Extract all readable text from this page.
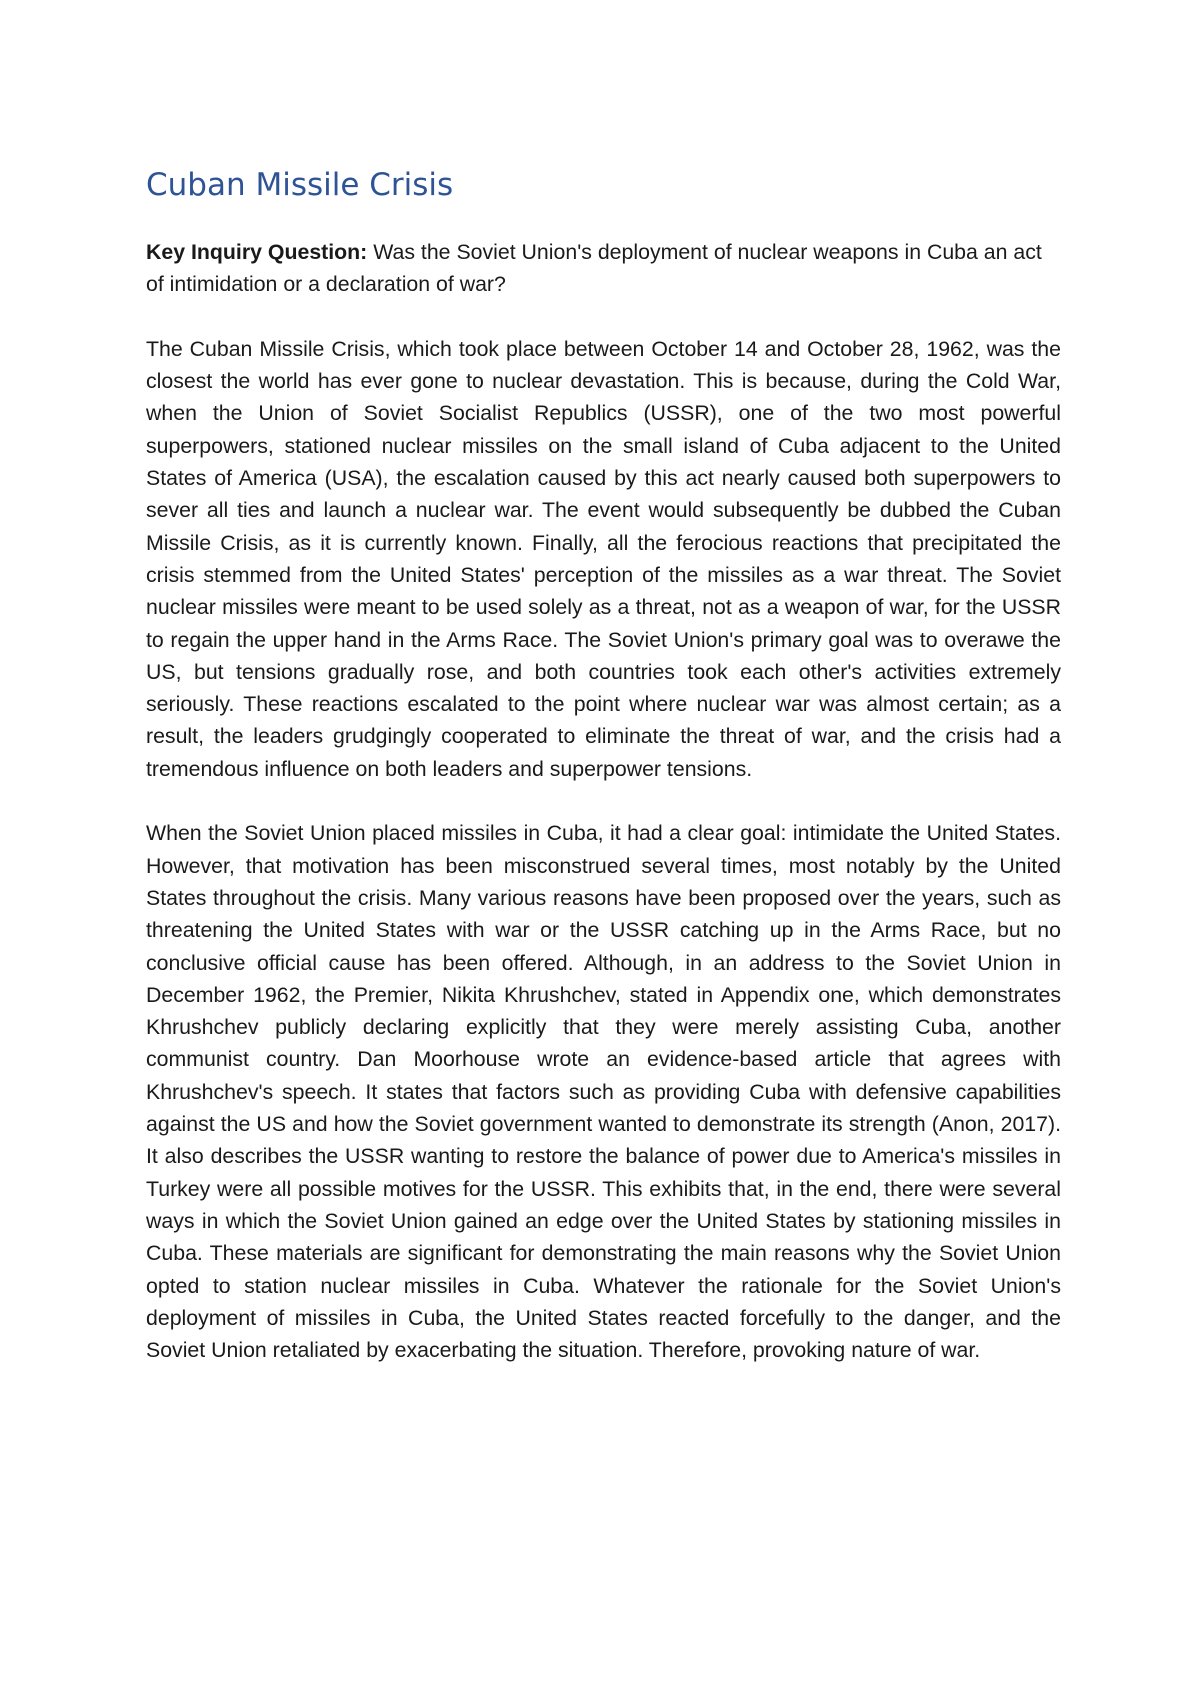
Cuban Missile Crisis

Key Inquiry Question: Was the Soviet Union's deployment of nuclear weapons in Cuba an act of intimidation or a declaration of war?

The Cuban Missile Crisis, which took place between October 14 and October 28, 1962, was the closest the world has ever gone to nuclear devastation. This is because, during the Cold War, when the Union of Soviet Socialist Republics (USSR), one of the two most powerful superpowers, stationed nuclear missiles on the small island of Cuba adjacent to the United States of America (USA), the escalation caused by this act nearly caused both superpowers to sever all ties and launch a nuclear war. The event would subsequently be dubbed the Cuban Missile Crisis, as it is currently known. Finally, all the ferocious reactions that precipitated the crisis stemmed from the United States' perception of the missiles as a war threat. The Soviet nuclear missiles were meant to be used solely as a threat, not as a weapon of war, for the USSR to regain the upper hand in the Arms Race. The Soviet Union's primary goal was to overawe the US, but tensions gradually rose, and both countries took each other's activities extremely seriously. These reactions escalated to the point where nuclear war was almost certain; as a result, the leaders grudgingly cooperated to eliminate the threat of war, and the crisis had a tremendous influence on both leaders and superpower tensions.

When the Soviet Union placed missiles in Cuba, it had a clear goal: intimidate the United States. However, that motivation has been misconstrued several times, most notably by the United States throughout the crisis. Many various reasons have been proposed over the years, such as threatening the United States with war or the USSR catching up in the Arms Race, but no conclusive official cause has been offered. Although, in an address to the Soviet Union in December 1962, the Premier, Nikita Khrushchev, stated in Appendix one, which demonstrates Khrushchev publicly declaring explicitly that they were merely assisting Cuba, another communist country. Dan Moorhouse wrote an evidence-based article that agrees with Khrushchev's speech. It states that factors such as providing Cuba with defensive capabilities against the US and how the Soviet government wanted to demonstrate its strength (Anon, 2017). It also describes the USSR wanting to restore the balance of power due to America's missiles in Turkey were all possible motives for the USSR. This exhibits that, in the end, there were several ways in which the Soviet Union gained an edge over the United States by stationing missiles in Cuba. These materials are significant for demonstrating the main reasons why the Soviet Union opted to station nuclear missiles in Cuba. Whatever the rationale for the Soviet Union's deployment of missiles in Cuba, the United States reacted forcefully to the danger, and the Soviet Union retaliated by exacerbating the situation. Therefore, provoking nature of war.
